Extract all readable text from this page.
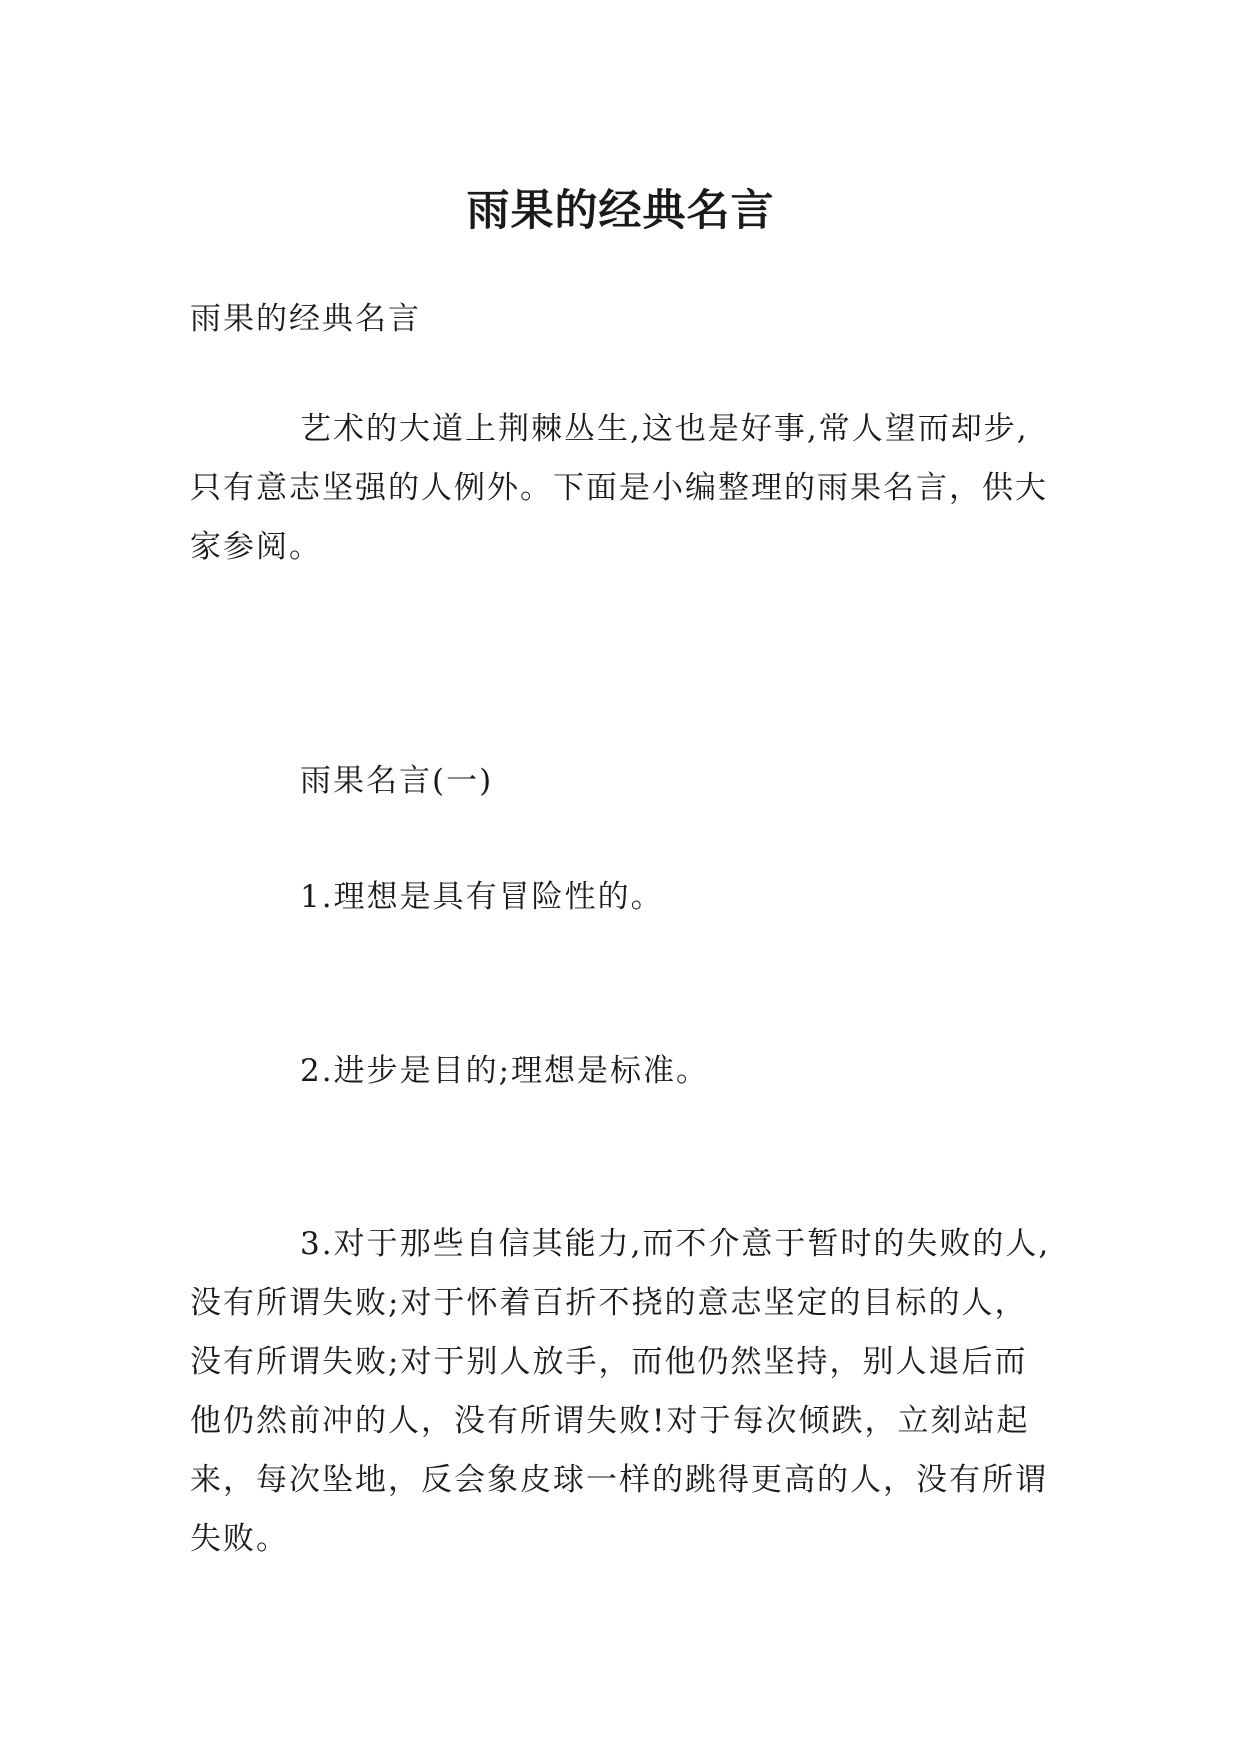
雨果的经典名言

雨果的经典名言

艺术的大道上荆棘丛生,这也是好事,常人望而却步,只有意志坚强的人例外。下面是小编整理的雨果名言，供大家参阅。

雨果名言(一)

1.理想是具有冒险性的。

2.进步是目的;理想是标准。

3.对于那些自信其能力,而不介意于暂时的失败的人,没有所谓失败;对于怀着百折不挠的意志坚定的目标的人，没有所谓失败;对于别人放手，而他仍然坚持，别人退后而他仍然前冲的人，没有所谓失败!对于每次倾跌，立刻站起来，每次坠地，反会象皮球一样的跳得更高的人，没有所谓失败。
